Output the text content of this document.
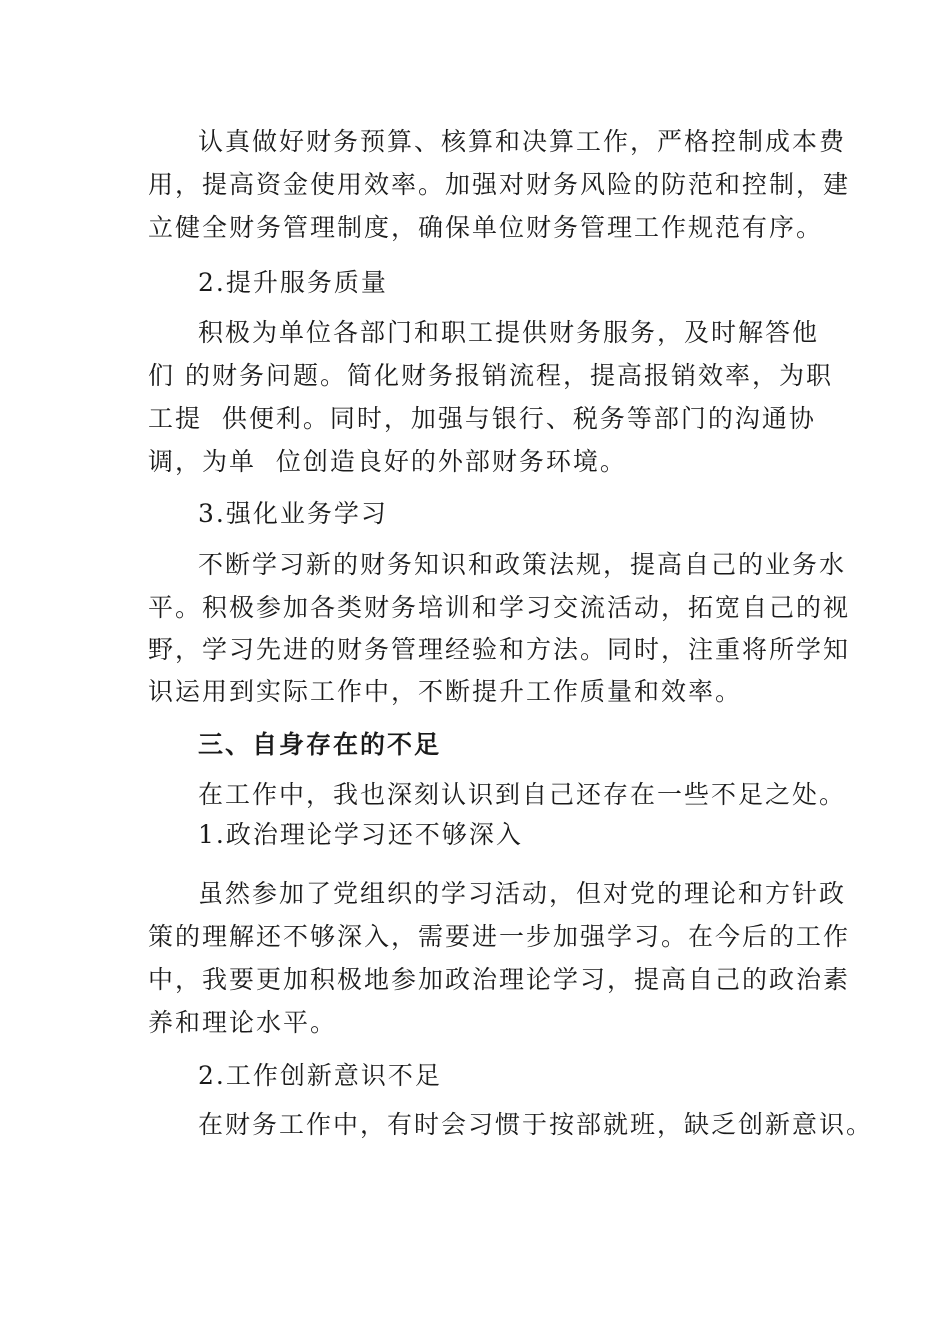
认真做好财务预算、核算和决算工作，严格控制成本费
用，提高资金使用效率。加强对财务风险的防范和控制，建
立健全财务管理制度，确保单位财务管理工作规范有序。
2.提升服务质量
积极为单位各部门和职工提供财务服务，及时解答他
们 的财务问题。简化财务报销流程，提高报销效率，为职
工提  供便利。同时，加强与银行、税务等部门的沟通协
调，为单  位创造良好的外部财务环境。
3.强化业务学习
不断学习新的财务知识和政策法规，提高自己的业务水
平。积极参加各类财务培训和学习交流活动，拓宽自己的视
野，学习先进的财务管理经验和方法。同时，注重将所学知
识运用到实际工作中，不断提升工作质量和效率。
三、自身存在的不足
在工作中，我也深刻认识到自己还存在一些不足之处。
1.政治理论学习还不够深入
虽然参加了党组织的学习活动，但对党的理论和方针政
策的理解还不够深入，需要进一步加强学习。在今后的工作
中，我要更加积极地参加政治理论学习，提高自己的政治素
养和理论水平。
2.工作创新意识不足
在财务工作中，有时会习惯于按部就班，缺乏创新意识。
